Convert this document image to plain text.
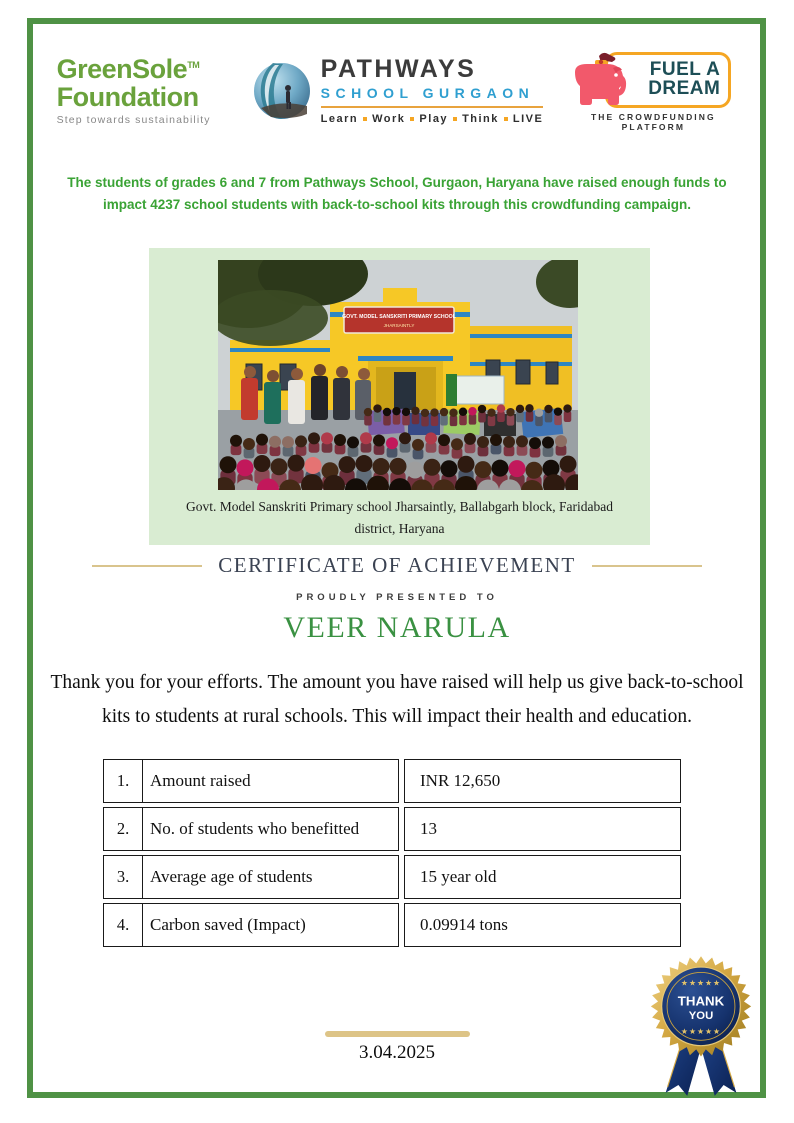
GreenSole™
Foundation
Step towards sustainability
PATHWAYS
SCHOOL GURGAON
Learn Work Play Think LIVE
FUEL A
DREAM
THE CROWDFUNDING PLATFORM
The students of grades 6 and 7 from Pathways School, Gurgaon, Haryana have raised enough funds to impact 4237 school students with back-to-school kits through this crowdfunding campaign.
GOVT. MODEL SANSKRITI PRIMARY SCHOOL
JHARSAINTLY
Govt. Model Sanskriti Primary school Jharsaintly, Ballabgarh block, Faridabad district, Haryana
CERTIFICATE OF ACHIEVEMENT
PROUDLY PRESENTED TO
VEER NARULA
Thank you for your efforts. The amount you have raised will help us give back-to-school kits to students at rural schools. This will impact their health and education.
1.	Amount raised	INR 12,650
2.	No. of students who benefitted	13
3.	Average age of students	15 year old
4.	Carbon saved (Impact)	0.09914 tons
3.04.2025
★★★★★
THANK
YOU
★★★★★
